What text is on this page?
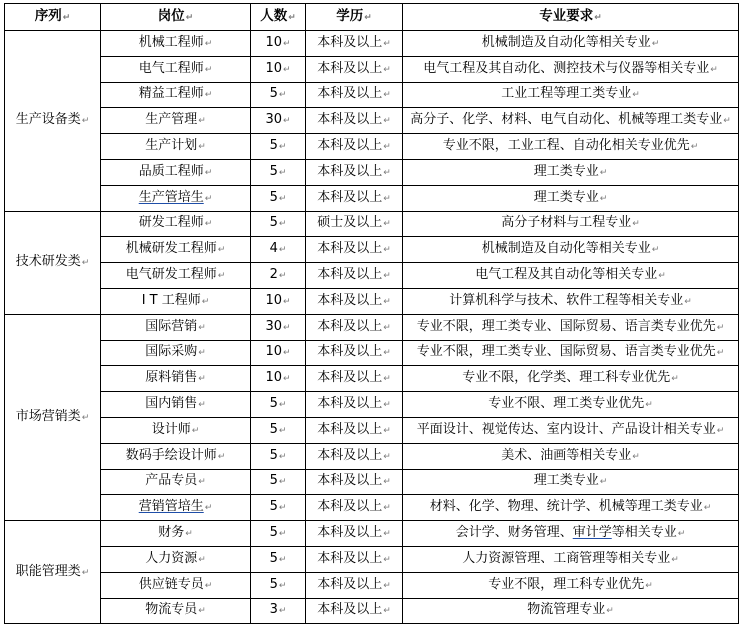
序列↵	岗位↵	人数↵	学历↵	专业要求↵
生产设备类↵	机械工程师↵	10↵	本科及以上↵	机械制造及自动化等相关专业↵
	电气工程师↵	10↵	本科及以上↵	电气工程及其自动化、测控技术与仪器等相关专业↵
	精益工程师↵	5↵	本科及以上↵	工业工程等理工类专业↵
	生产管理↵	30↵	本科及以上↵	高分子、化学、材料、电气自动化、机械等理工类专业↵
	生产计划↵	5↵	本科及以上↵	专业不限，工业工程、自动化相关专业优先↵
	品质工程师↵	5↵	本科及以上↵	理工类专业↵
	生产管培生↵	5↵	本科及以上↵	理工类专业↵
技术研发类↵	研发工程师↵	5↵	硕士及以上↵	高分子材料与工程专业↵
	机械研发工程师↵	4↵	本科及以上↵	机械制造及自动化等相关专业↵
	电气研发工程师↵	2↵	本科及以上↵	电气工程及其自动化等相关专业↵
	I T 工程师↵	10↵	本科及以上↵	计算机科学与技术、软件工程等相关专业↵
市场营销类↵	国际营销↵	30↵	本科及以上↵	专业不限，理工类专业、国际贸易、语言类专业优先↵
	国际采购↵	10↵	本科及以上↵	专业不限，理工类专业、国际贸易、语言类专业优先↵
	原料销售↵	10↵	本科及以上↵	专业不限，化学类、理工科专业优先↵
	国内销售↵	5↵	本科及以上↵	专业不限、理工类专业优先↵
	设计师↵	5↵	本科及以上↵	平面设计、视觉传达、室内设计、产品设计相关专业↵
	数码手绘设计师↵	5↵	本科及以上↵	美术、油画等相关专业↵
	产品专员↵	5↵	本科及以上↵	理工类专业↵
	营销管培生↵	5↵	本科及以上↵	材料、化学、物理、统计学、机械等理工类专业↵
职能管理类↵	财务↵	5↵	本科及以上↵	会计学、财务管理、审计学等相关专业↵
	人力资源↵	5↵	本科及以上↵	人力资源管理、工商管理等相关专业↵
	供应链专员↵	5↵	本科及以上↵	专业不限，理工科专业优先↵
	物流专员↵	3↵	本科及以上↵	物流管理专业↵
